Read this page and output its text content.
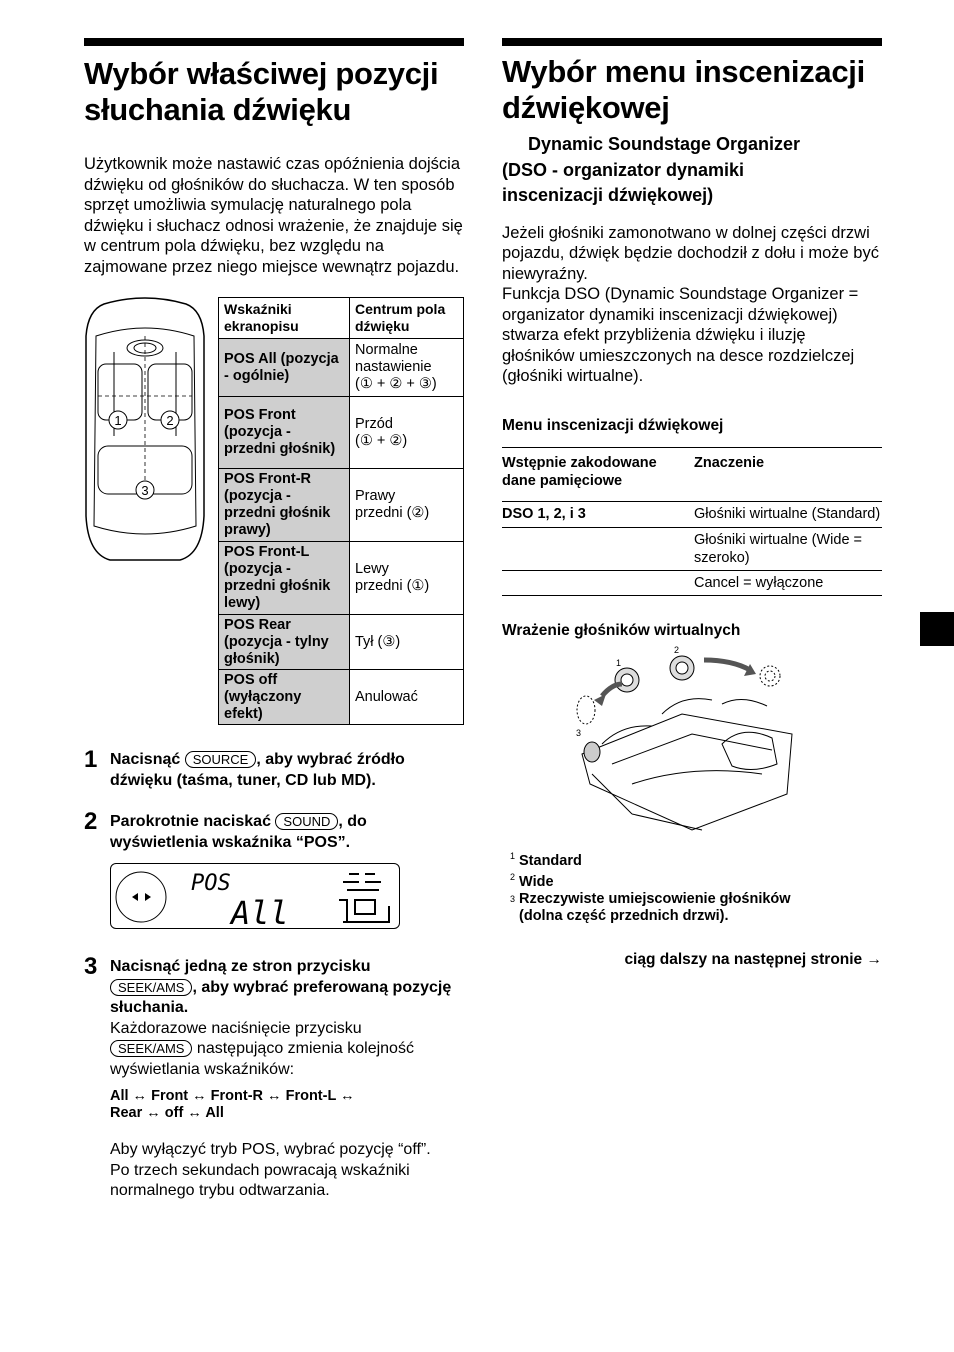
Wybór właściwej pozycji
słuchania dźwięku

Użytkownik może nastawić czas opóźnienia dojścia dźwięku od głośników do słuchacza. W ten sposób sprzęt umożliwia symulację naturalnego pola dźwięku i słuchacz odnosi wrażenie, że znajduje się w centrum pola dźwięku, bez względu na zajmowane przez niego miejsce wewnątrz pojazdu.

1	2
3
Wskaźniki ekranopisu	Centrum pola dźwięku
POS All (pozycja - ogólnie)	Normalne nastawienie
(① + ② + ③)
POS Front (pozycja - przedni głośnik)	Przód
(① + ②)
POS Front-R (pozycja - przedni głośnik prawy)	Prawy
przedni (②)
POS Front-L (pozycja - przedni głośnik lewy)	Lewy
przedni (①)
POS Rear (pozycja - tylny głośnik)	Tył (③)
POS off (wyłączony efekt)	Anulować
1 Nacisnąć SOURCE , aby wybrać źródło dźwięku (taśma, tuner, CD lub MD).
2 Parokrotnie naciskać SOUND , do wyświetlenia wskaźnika “POS”.
POS
All
3 Nacisnąć jedną ze stron przycisku
SEEK/AMS , aby wybrać preferowaną pozycję słuchania.
Każdorazowe naciśnięcie przycisku
SEEK/AMS następująco zmienia kolejność wyświetlania wskaźników:
All ↔ Front ↔ Front-R ↔ Front-L ↔
Rear ↔ off ↔ All
Aby wyłączyć tryb POS, wybrać pozycję “off”.
Po trzech sekundach powracają wskaźniki normalnego trybu odtwarzania.
Wybór menu inscenizacji
dźwiękowej
Dynamic Soundstage Organizer
(DSO - organizator dynamiki
inscenizacji dźwiękowej)

Jeżeli głośniki zamonotwano w dolnej części drzwi pojazdu, dźwięk będzie dochodził z dołu i może być niewyraźny.
Funkcja DSO (Dynamic Soundstage Organizer = organizator dynamiki inscenizacji dźwiękowej) stwarza efekt przybliżenia dźwięku i iluzję głośników umieszczonych na desce rozdzielczej (głośniki wirtualne).

Menu inscenizacji dźwiękowej
Wstępnie zakodowane dane pamięciowe	Znaczenie
DSO 1, 2, i 3	Głośniki wirtualne (Standard)
	Głośniki wirtualne (Wide = szeroko)
	Cancel = wyłączone
Wrażenie głośników wirtualnych
1
2
3
$^1$ Standard
$^2$ Wide
3 Rzeczywiste umiejscowienie głośników (dolna część przednich drzwi).
ciąg dalszy na następnej stronie →
